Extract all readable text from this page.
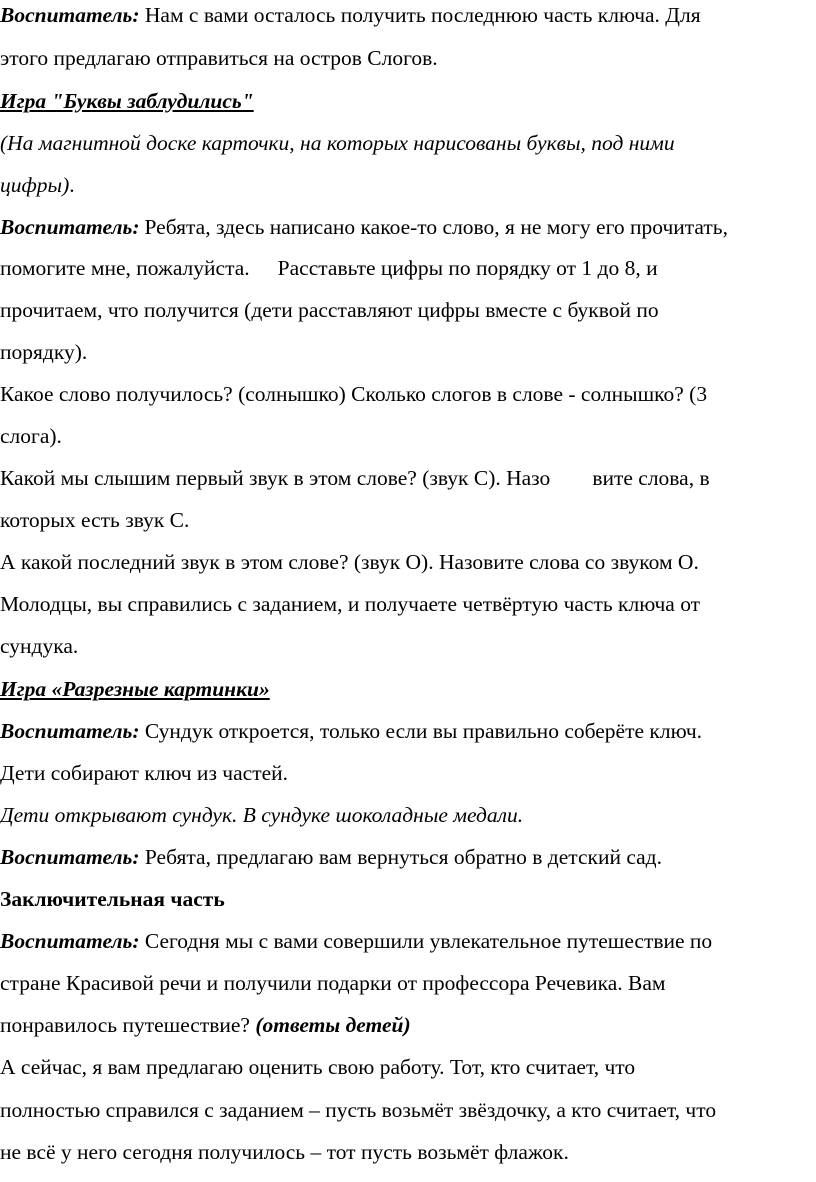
Воспитатель: Нам с вами осталось получить последнюю часть ключа. Для
этого предлагаю отправиться на остров Слогов.
Игра "Буквы заблудились"
(На магнитной доске карточки, на которых нарисованы буквы, под ними
цифры).
Воспитатель: Ребята, здесь написано какое-то слово, я не могу его прочитать,
помогите мне, пожалуйста. Расставьте цифры по порядку от 1 до 8, и
прочитаем, что получится (дети расставляют цифры вместе с буквой по
порядку).
Какое слово получилось? (солнышко) Сколько слогов в слове - солнышко? (3
слога).
Какой мы слышим первый звук в этом слове? (звук С). Назо вите слова, в
которых есть звук С.
А какой последний звук в этом слове? (звук О). Назовите слова со звуком О.
Молодцы, вы справились с заданием, и получаете четвёртую часть ключа от
сундука.
Игра «Разрезные картинки»
Воспитатель: Сундук откроется, только если вы правильно соберёте ключ.
Дети собирают ключ из частей.
Дети открывают сундук. В сундуке шоколадные медали.
Воспитатель: Ребята, предлагаю вам вернуться обратно в детский сад.
Заключительная часть
Воспитатель: Сегодня мы с вами совершили увлекательное путешествие по
стране Красивой речи и получили подарки от профессора Речевика. Вам
понравилось путешествие? (ответы детей)
А сейчас, я вам предлагаю оценить свою работу. Тот, кто считает, что
полностью справился с заданием – пусть возьмёт звёздочку, а кто считает, что
не всё у него сегодня получилось – тот пусть возьмёт флажок.
